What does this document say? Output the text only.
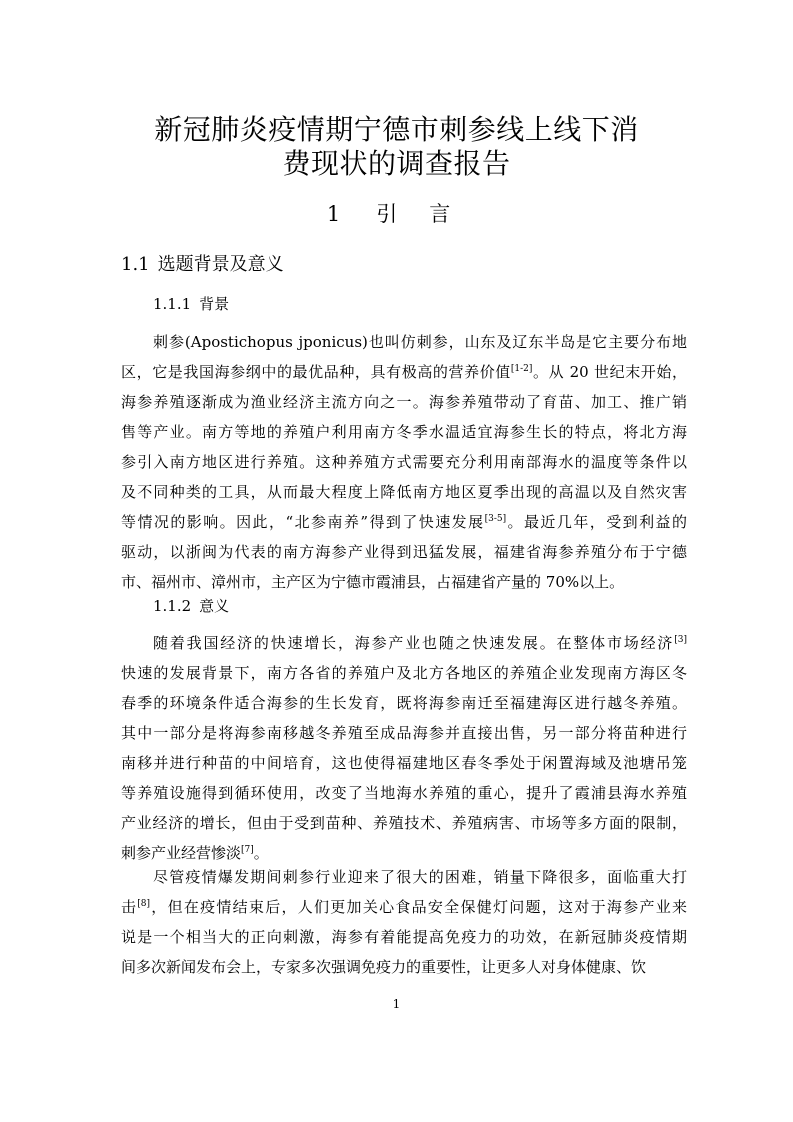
新冠肺炎疫情期宁德市刺参线上线下消
费现状的调查报告
1 引 言
1.1 选题背景及意义
1.1.1 背景
刺参(Apostichopus jponicus)也叫仿刺参，山东及辽东半岛是它主要分布地
区，它是我国海参纲中的最优品种，具有极高的营养价值[1-2]。从 20 世纪末开始，
海参养殖逐渐成为渔业经济主流方向之一。海参养殖带动了育苗、加工、推广销
售等产业。南方等地的养殖户利用南方冬季水温适宜海参生长的特点，将北方海
参引入南方地区进行养殖。这种养殖方式需要充分利用南部海水的温度等条件以
及不同种类的工具，从而最大程度上降低南方地区夏季出现的高温以及自然灾害
等情况的影响。因此，“北参南养”得到了快速发展[3-5]。最近几年，受到利益的
驱动，以浙闽为代表的南方海参产业得到迅猛发展，福建省海参养殖分布于宁德
市、福州市、漳州市，主产区为宁德市霞浦县，占福建省产量的 70%以上。
1.1.2 意义
随着我国经济的快速增长，海参产业也随之快速发展。在整体市场经济[3]
快速的发展背景下，南方各省的养殖户及北方各地区的养殖企业发现南方海区冬
春季的环境条件适合海参的生长发育，既将海参南迁至福建海区进行越冬养殖。
其中一部分是将海参南移越冬养殖至成品海参并直接出售，另一部分将苗种进行
南移并进行种苗的中间培育，这也使得福建地区春冬季处于闲置海域及池塘吊笼
等养殖设施得到循环使用，改变了当地海水养殖的重心，提升了霞浦县海水养殖
产业经济的增长，但由于受到苗种、养殖技术、养殖病害、市场等多方面的限制，
刺参产业经营惨淡[7]。
尽管疫情爆发期间刺参行业迎来了很大的困难，销量下降很多，面临重大打
击[8]，但在疫情结束后，人们更加关心食品安全保健灯问题，这对于海参产业来
说是一个相当大的正向刺激，海参有着能提高免疫力的功效，在新冠肺炎疫情期
间多次新闻发布会上，专家多次强调免疫力的重要性，让更多人对身体健康、饮
1
